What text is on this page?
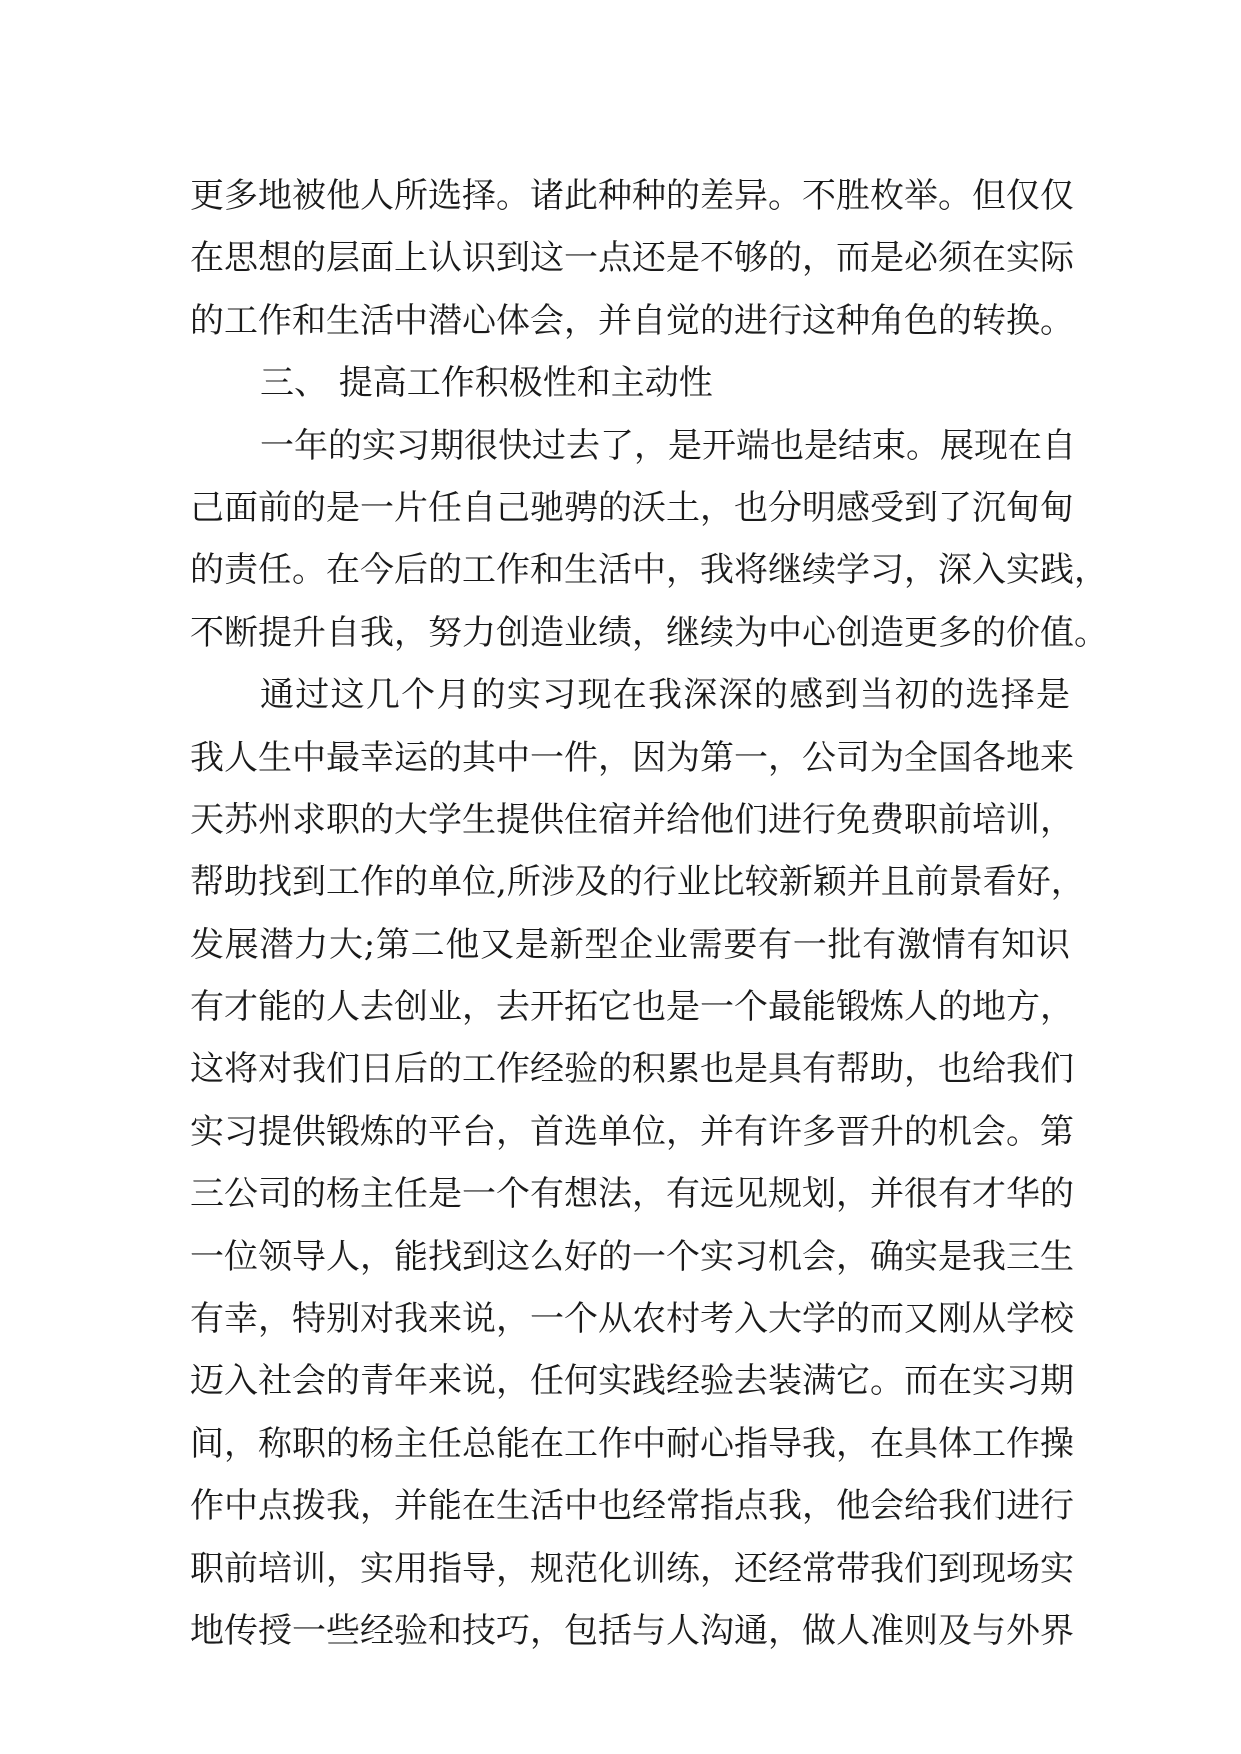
更多地被他人所选择。诸此种种的差异。不胜枚举。但仅仅
在思想的层面上认识到这一点还是不够的，而是必须在实际
的工作和生活中潜心体会，并自觉的进行这种角色的转换。
三、 提高工作积极性和主动性
一年的实习期很快过去了，是开端也是结束。展现在自
己面前的是一片任自己驰骋的沃土，也分明感受到了沉甸甸
的责任。在今后的工作和生活中，我将继续学习，深入实践，
不断提升自我，努力创造业绩，继续为中心创造更多的价值。
通过这几个月的实习现在我深深的感到当初的选择是
我人生中最幸运的其中一件，因为第一，公司为全国各地来
天苏州求职的大学生提供住宿并给他们进行免费职前培训，
帮助找到工作的单位,所涉及的行业比较新颖并且前景看好，
发展潜力大;第二他又是新型企业需要有一批有激情有知识
有才能的人去创业，去开拓它也是一个最能锻炼人的地方，
这将对我们日后的工作经验的积累也是具有帮助，也给我们
实习提供锻炼的平台，首选单位，并有许多晋升的机会。第
三公司的杨主任是一个有想法，有远见规划，并很有才华的
一位领导人，能找到这么好的一个实习机会，确实是我三生
有幸，特别对我来说，一个从农村考入大学的而又刚从学校
迈入社会的青年来说，任何实践经验去装满它。而在实习期
间，称职的杨主任总能在工作中耐心指导我，在具体工作操
作中点拨我，并能在生活中也经常指点我，他会给我们进行
职前培训，实用指导，规范化训练，还经常带我们到现场实
地传授一些经验和技巧，包括与人沟通，做人准则及与外界
